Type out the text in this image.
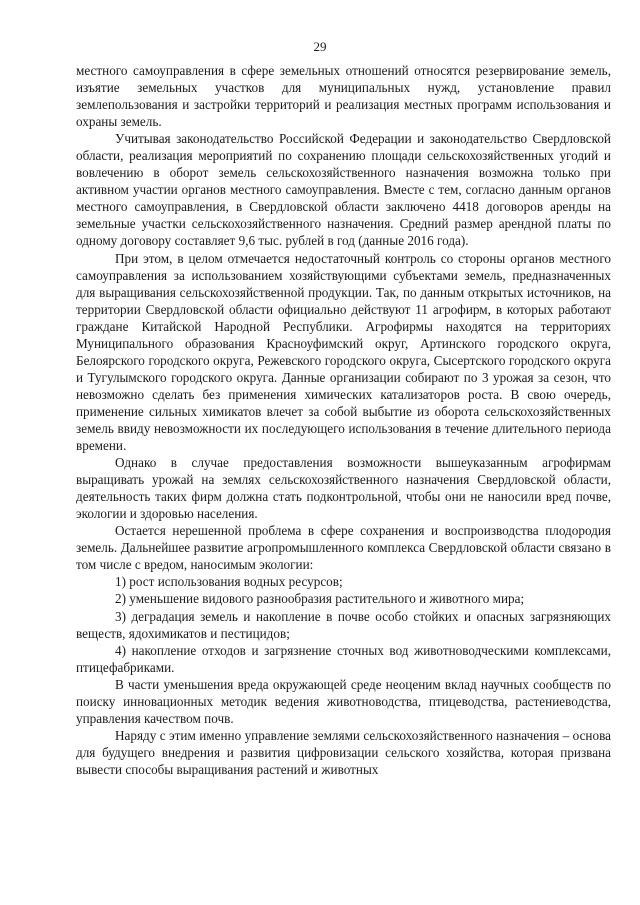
29

местного самоуправления в сфере земельных отношений относятся резервирование земель, изъятие земельных участков для муниципальных нужд, установление правил землепользования и застройки территорий и реализация местных программ использования и охраны земель.

Учитывая законодательство Российской Федерации и законодательство Свердловской области, реализация мероприятий по сохранению площади сельскохозяйственных угодий и вовлечению в оборот земель сельскохозяйственного назначения возможна только при активном участии органов местного самоуправления. Вместе с тем, согласно данным органов местного самоуправления, в Свердловской области заключено 4418 договоров аренды на земельные участки сельскохозяйственного назначения. Средний размер арендной платы по одному договору составляет 9,6 тыс. рублей в год (данные 2016 года).

При этом, в целом отмечается недостаточный контроль со стороны органов местного самоуправления за использованием хозяйствующими субъектами земель, предназначенных для выращивания сельскохозяйственной продукции. Так, по данным открытых источников, на территории Свердловской области официально действуют 11 агрофирм, в которых работают граждане Китайской Народной Республики. Агрофирмы находятся на территориях Муниципального образования Красноуфимский округ, Артинского городского округа, Белоярского городского округа, Режевского городского округа, Сысертского городского округа и Тугулымского городского округа. Данные организации собирают по 3 урожая за сезон, что невозможно сделать без применения химических катализаторов роста. В свою очередь, применение сильных химикатов влечет за собой выбытие из оборота сельскохозяйственных земель ввиду невозможности их последующего использования в течение длительного периода времени.

Однако в случае предоставления возможности вышеуказанным агрофирмам выращивать урожай на землях сельскохозяйственного назначения Свердловской области, деятельность таких фирм должна стать подконтрольной, чтобы они не наносили вред почве, экологии и здоровью населения.

Остается нерешенной проблема в сфере сохранения и воспроизводства плодородия земель. Дальнейшее развитие агропромышленного комплекса Свердловской области связано в том числе с вредом, наносимым экологии:

1) рост использования водных ресурсов;

2) уменьшение видового разнообразия растительного и животного мира;

3) деградация земель и накопление в почве особо стойких и опасных загрязняющих веществ, ядохимикатов и пестицидов;

4) накопление отходов и загрязнение сточных вод животноводческими комплексами, птицефабриками.

В части уменьшения вреда окружающей среде неоценим вклад научных сообществ по поиску инновационных методик ведения животноводства, птицеводства, растениеводства, управления качеством почв.

Наряду с этим именно управление землями сельскохозяйственного назначения – основа для будущего внедрения и развития цифровизации сельского хозяйства, которая призвана вывести способы выращивания растений и животных
